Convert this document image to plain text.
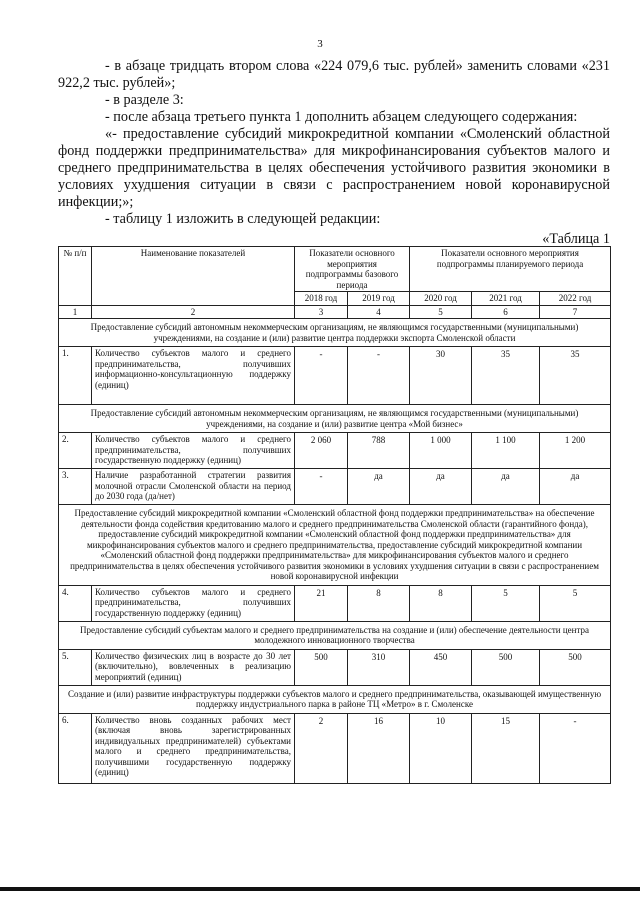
3

- в абзаце тридцать втором слова «224 079,6 тыс. рублей» заменить словами «231 922,2 тыс. рублей»;

- в разделе 3:

- после абзаца третьего пункта 1 дополнить абзацем следующего содержания:

«- предоставление субсидий микрокредитной компании «Смоленский областной фонд поддержки предпринимательства» для микрофинансирования субъектов малого и среднего предпринимательства в целях обеспечения устойчивого развития экономики в условиях ухудшения ситуации в связи с распространением новой коронавирусной инфекции;»;

- таблицу 1 изложить в следующей редакции:

«Таблица 1
№ п/п	Наименование показателей	Показатели основного мероприятия подпрограммы базового периода		Показатели основного мероприятия подпрограммы планируемого периода		
		2018 год	2019 год	2020 год	2021 год	2022 год
1	2	3	4	5	6	7
Предоставление субсидий автономным некоммерческим организациям, не являющимся государственными (муниципальными) учреждениями, на создание и (или) развитие центра поддержки экспорта Смоленской области						
1.	Количество субъектов малого и среднего предпринимательства, получивших информационно-консультационную поддержку (единиц)	-	-	30	35	35
Предоставление субсидий автономным некоммерческим организациям, не являющимся государственными (муниципальными) учреждениями, на создание и (или) развитие центра «Мой бизнес»						
2.	Количество субъектов малого и среднего предпринимательства, получивших государственную поддержку (единиц)	2 060	788	1 000	1 100	1 200
3.	Наличие разработанной стратегии развития молочной отрасли Смоленской области на период до 2030 года (да/нет)	-	да	да	да	да
Предоставление субсидий микрокредитной компании «Смоленский областной фонд поддержки предпринимательства» на обеспечение деятельности фонда содействия кредитованию малого и среднего предпринимательства Смоленской области (гарантийного фонда), предоставление субсидий микрокредитной компании «Смоленский областной фонд поддержки предпринимательства» для микрофинансирования субъектов малого и среднего предпринимательства, предоставление субсидий микрокредитной компании «Смоленский областной фонд поддержки предпринимательства» для микрофинансирования субъектов малого и среднего предпринимательства в целях обеспечения устойчивого развития экономики в условиях ухудшения ситуации в связи с распространением новой коронавирусной инфекции						
4.	Количество субъектов малого и среднего предпринимательства, получивших государственную поддержку (единиц)	21	8	8	5	5
Предоставление субсидий субъектам малого и среднего предпринимательства на создание и (или) обеспечение деятельности центра молодежного инновационного творчества						
5.	Количество физических лиц в возрасте до 30 лет (включительно), вовлеченных в реализацию мероприятий (единиц)	500	310	450	500	500
Создание и (или) развитие инфраструктуры поддержки субъектов малого и среднего предпринимательства, оказывающей имущественную поддержку индустриального парка в районе ТЦ «Метро» в г. Смоленске						
6.	Количество вновь созданных рабочих мест (включая вновь зарегистрированных индивидуальных предпринимателей) субъектами малого и среднего предпринимательства, получившими государственную поддержку (единиц)	2	16	10	15	-
